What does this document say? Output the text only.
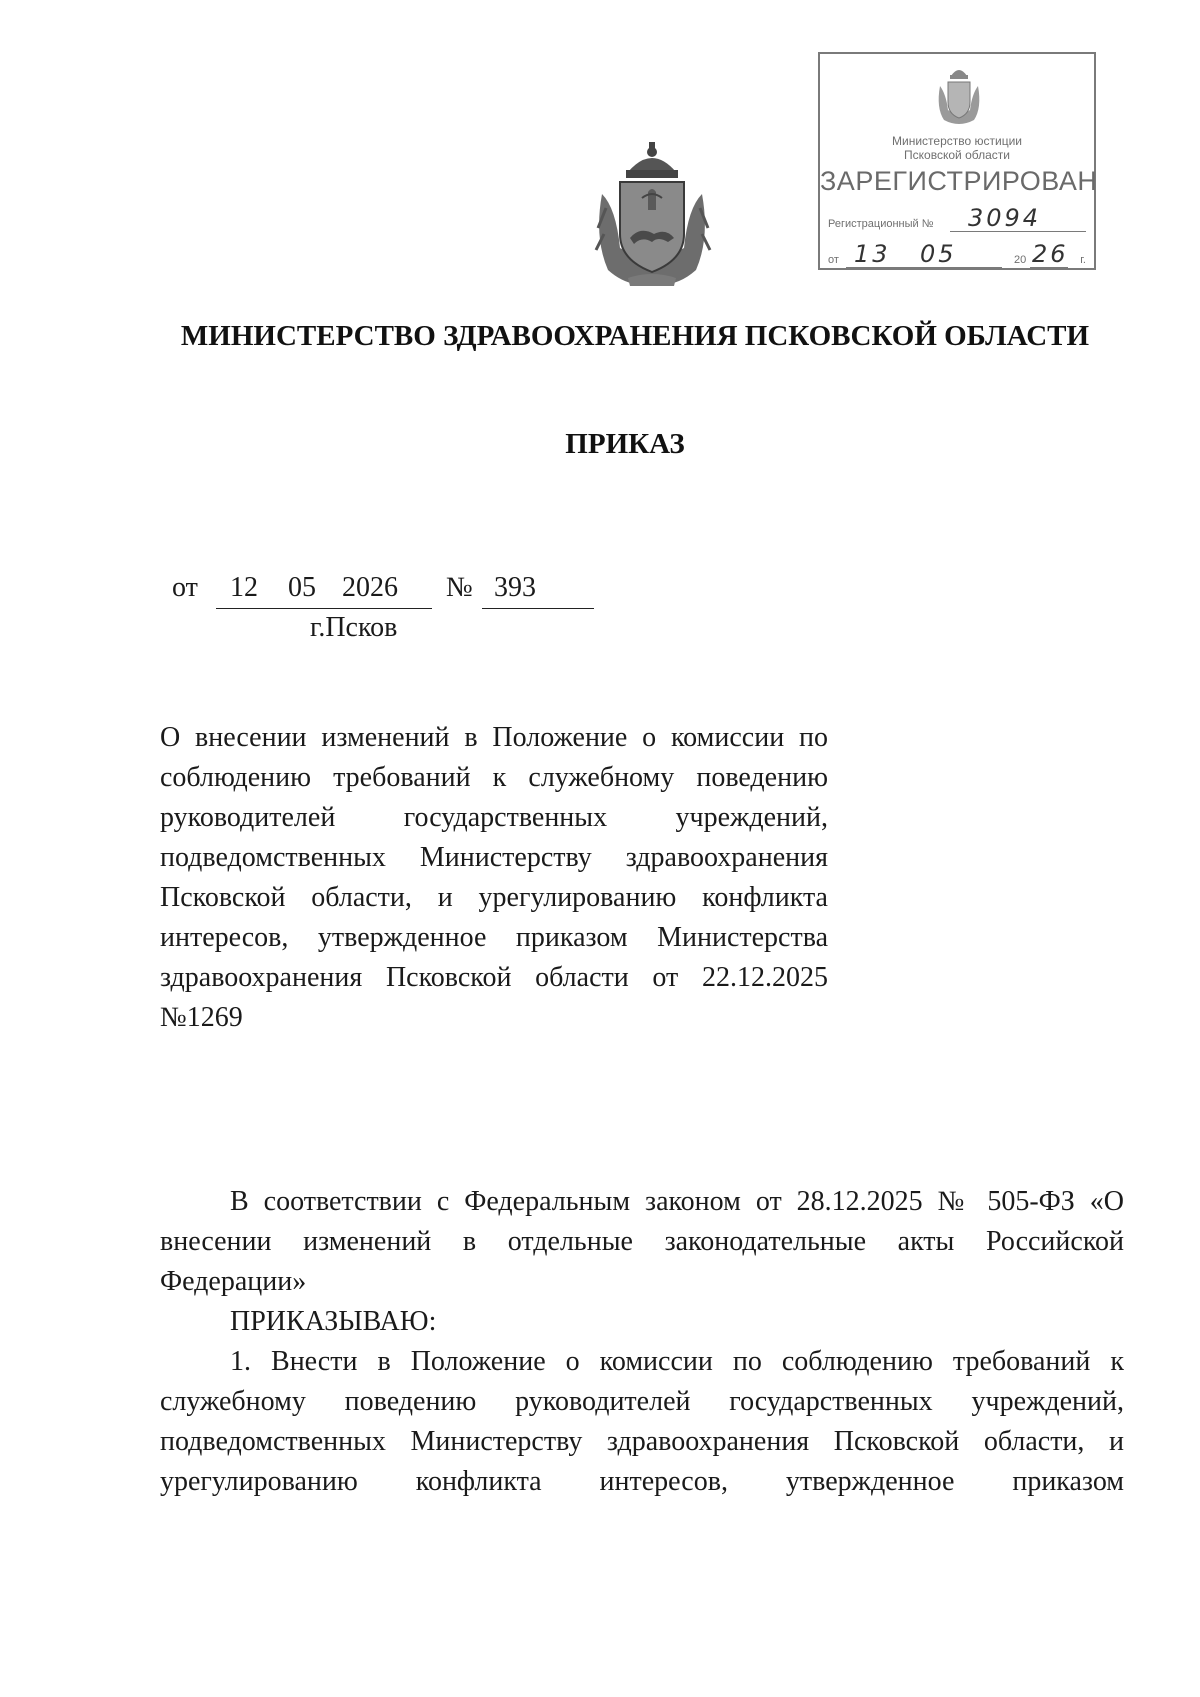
Министерство юстиции
Псковской области
ЗАРЕГИСТРИРОВАН
Регистрационный № 3094
от 13 05	20 26 г.
МИНИСТЕРСТВО ЗДРАВООХРАНЕНИЯ ПСКОВСКОЙ ОБЛАСТИ
ПРИКАЗ
от 12 05 2026 № 393
г.Псков
О внесении изменений в Положение о комиссии по соблюдению требований к служебному поведению руководителей государственных учреждений, подведомственных Министерству здравоохранения Псковской области, и урегулированию конфликта интересов, утвержденное приказом Министерства здравоохранения Псковской области от 22.12.2025 №1269

В соответствии с Федеральным законом от 28.12.2025 № 505-ФЗ «О внесении изменений в отдельные законодательные акты Российской Федерации»

ПРИКАЗЫВАЮ:

1. Внести в Положение о комиссии по соблюдению требований к служебному поведению руководителей государственных учреждений, подведомственных Министерству здравоохранения Псковской области, и урегулированию конфликта интересов, утвержденное приказом
